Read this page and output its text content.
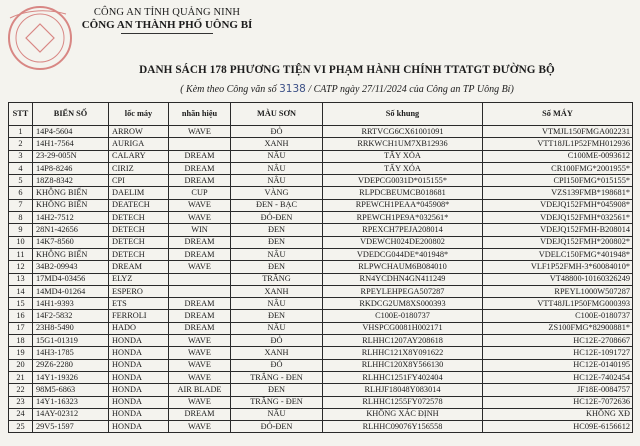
CÔNG AN TỈNH QUẢNG NINH
CÔNG AN THÀNH PHỐ UÔNG BÍ
DANH SÁCH 178 PHƯƠNG TIỆN VI PHẠM HÀNH CHÍNH TTATGT ĐƯỜNG BỘ
( Kèm theo Công văn số 3138 / CATP ngày 27/11/2024 của Công an TP Uông Bí)
STT	BIỂN SỐ	lốc máy	nhãn hiệu	MÀU SƠN	Số khung	Số MÁY
1	14P4-5604	ARROW	WAVE	ĐỎ	RRTVCG6CX61001091	VTMJL150FMGA002231
2	14H1-7564	AURIGA		XANH	RRKWCH1UM7XB12936	VTT18JL1P52FMH012936
3	23-29-005N	CALARY	DREAM	NÂU	TẨY XÓA	C100ME-0093612
4	14P8-8246	CIRIZ	DREAM	NÂU	TẨY XÓA	CR100FMG*2001955*
5	18Z8-8342	CPI	DREAM	NÂU	VDEPCG0031D*015155*	CPI150FMG*015155*
6	KHÔNG BIỂN	DAELIM	CUP	VÀNG	RLPDCBEUMCB018681	VZS139FMB*198681*
7	KHÔNG BIỂN	DEATECH	WAVE	ĐEN - BẠC	RPEWCH1PEAA*045908*	VDEJQ152FMH*045908*
8	14H2-7512	DETECH	WAVE	ĐỎ-ĐEN	RPEWCH1PE9A*032561*	VDEJQ152FMH*032561*
9	28N1-42656	DETECH	WIN	ĐEN	RPEXCH7PEJA208014	VDEJQ152FMH-B208014
10	14K7-8560	DETECH	DREAM	ĐEN	VDEWCH024DE200802	VDEJQ152FMH*200802*
11	KHÔNG BIỂN	DETECH	DREAM	NÂU	VDEDCG044DE*401948*	VDELC150FMG*401948*
12	34B2-09943	DREAM	WAVE	ĐEN	RLPWCHAUM6B084010	VLF1P52FMH-3*60084010*
13	17MD4-03456	ELYZ		TRẮNG	RN4YCDHN4GN411249	VT48800-10160326249
14	14MD4-01264	ESPERO		XANH	RPEYLEHPEGA507287	RPEYL1000W507287
15	14H1-9393	ETS	DREAM	NÂU	RKDCG2UM8XS000393	VTT48JL1P50FMG000393
16	14F2-5832	FERROLI	DREAM	ĐEN	C100E-0180737	C100E-0180737
17	23H8-5490	HADO	DREAM	NÂU	VHSPCG0081H002171	ZS100FMG*82900881*
18	15G1-01319	HONDA	WAVE	ĐỎ	RLHHC1207AY208618	HC12E-2708667
19	14H3-1785	HONDA	WAVE	XANH	RLHHC121X8Y091622	HC12E-1091727
20	29Z6-2280	HONDA	WAVE	ĐỎ	RLHHC120X8Y566130	HC12E-0140195
21	14Y1-19326	HONDA	WAVE	TRẮNG - ĐEN	RLHHC1251FY402404	HC12E-7402454
22	98M5-6863	HONDA	AIR BLADE	ĐEN	RLHJF18048Y083014	JF18E-0084757
23	14Y1-16323	HONDA	WAVE	TRẮNG - ĐEN	RLHHC1255FY072578	HC12E-7072636
24	14AY-02312	HONDA	DREAM	NÂU	KHÔNG XÁC ĐỊNH	KHÔNG XĐ
25	29V5-1597	HONDA	WAVE	ĐỎ-ĐEN	RLHHC09076Y156558	HC09E-6156612
